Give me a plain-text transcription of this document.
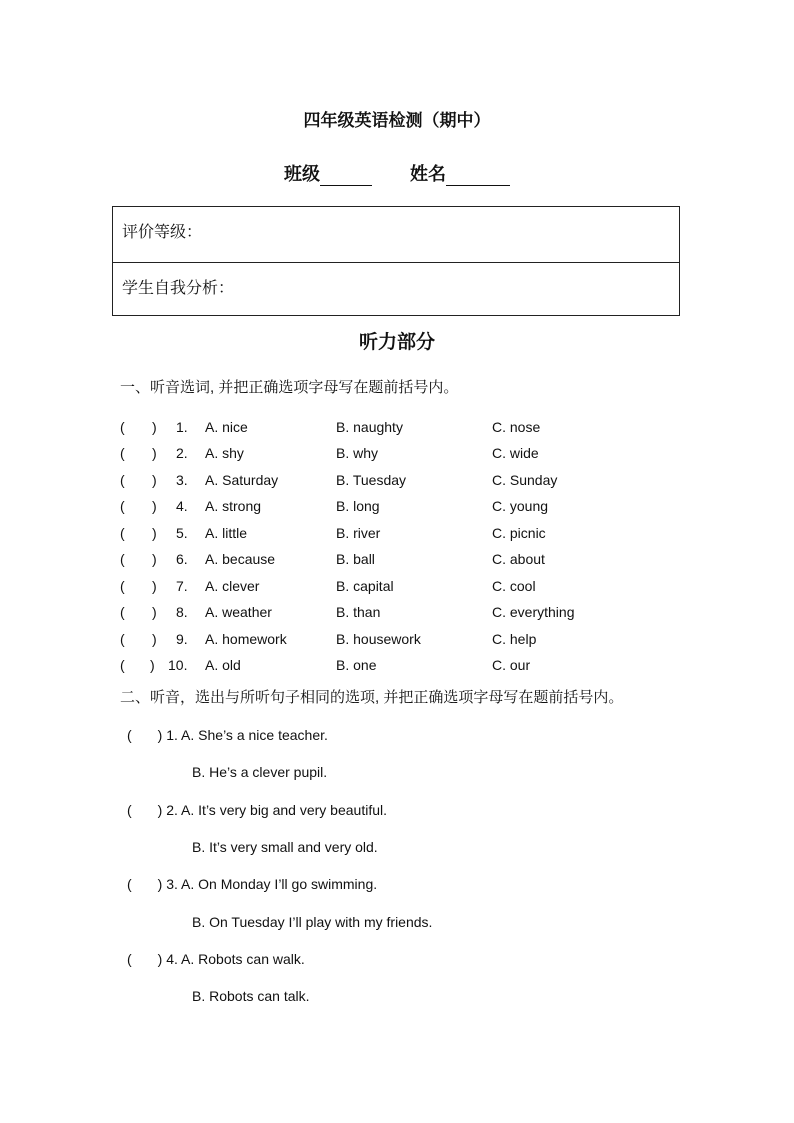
四年级英语检测（期中）
班级	姓名
评价等级：
学生自我分析：
听力部分
一、听音选词, 并把正确选项字母写在题前括号内。
( ) 1. A. nice	B. naughty	C. nose
( ) 2. A. shy	B. why	C. wide
( ) 3. A. Saturday	B. Tuesday	C. Sunday
( ) 4. A. strong	B. long	C. young
( ) 5. A. little	B. river	C. picnic
( ) 6. A. because	B. ball	C. about
( ) 7. A. clever	B. capital	C. cool
( ) 8. A. weather	B. than	C. everything
( ) 9. A. homework	B. housework	C. help
( ) 10. A. old	B. one	C. our
二、听音，选出与所听句子相同的选项, 并把正确选项字母写在题前括号内。
( ) 1. A. She’s a nice teacher.
B. He’s a clever pupil.
( ) 2. A. It’s very big and very beautiful.
B. It’s very small and very old.
( ) 3. A. On Monday I’ll go swimming.
B. On Tuesday I’ll play with my friends.
( ) 4. A. Robots can walk.
B. Robots can talk.
